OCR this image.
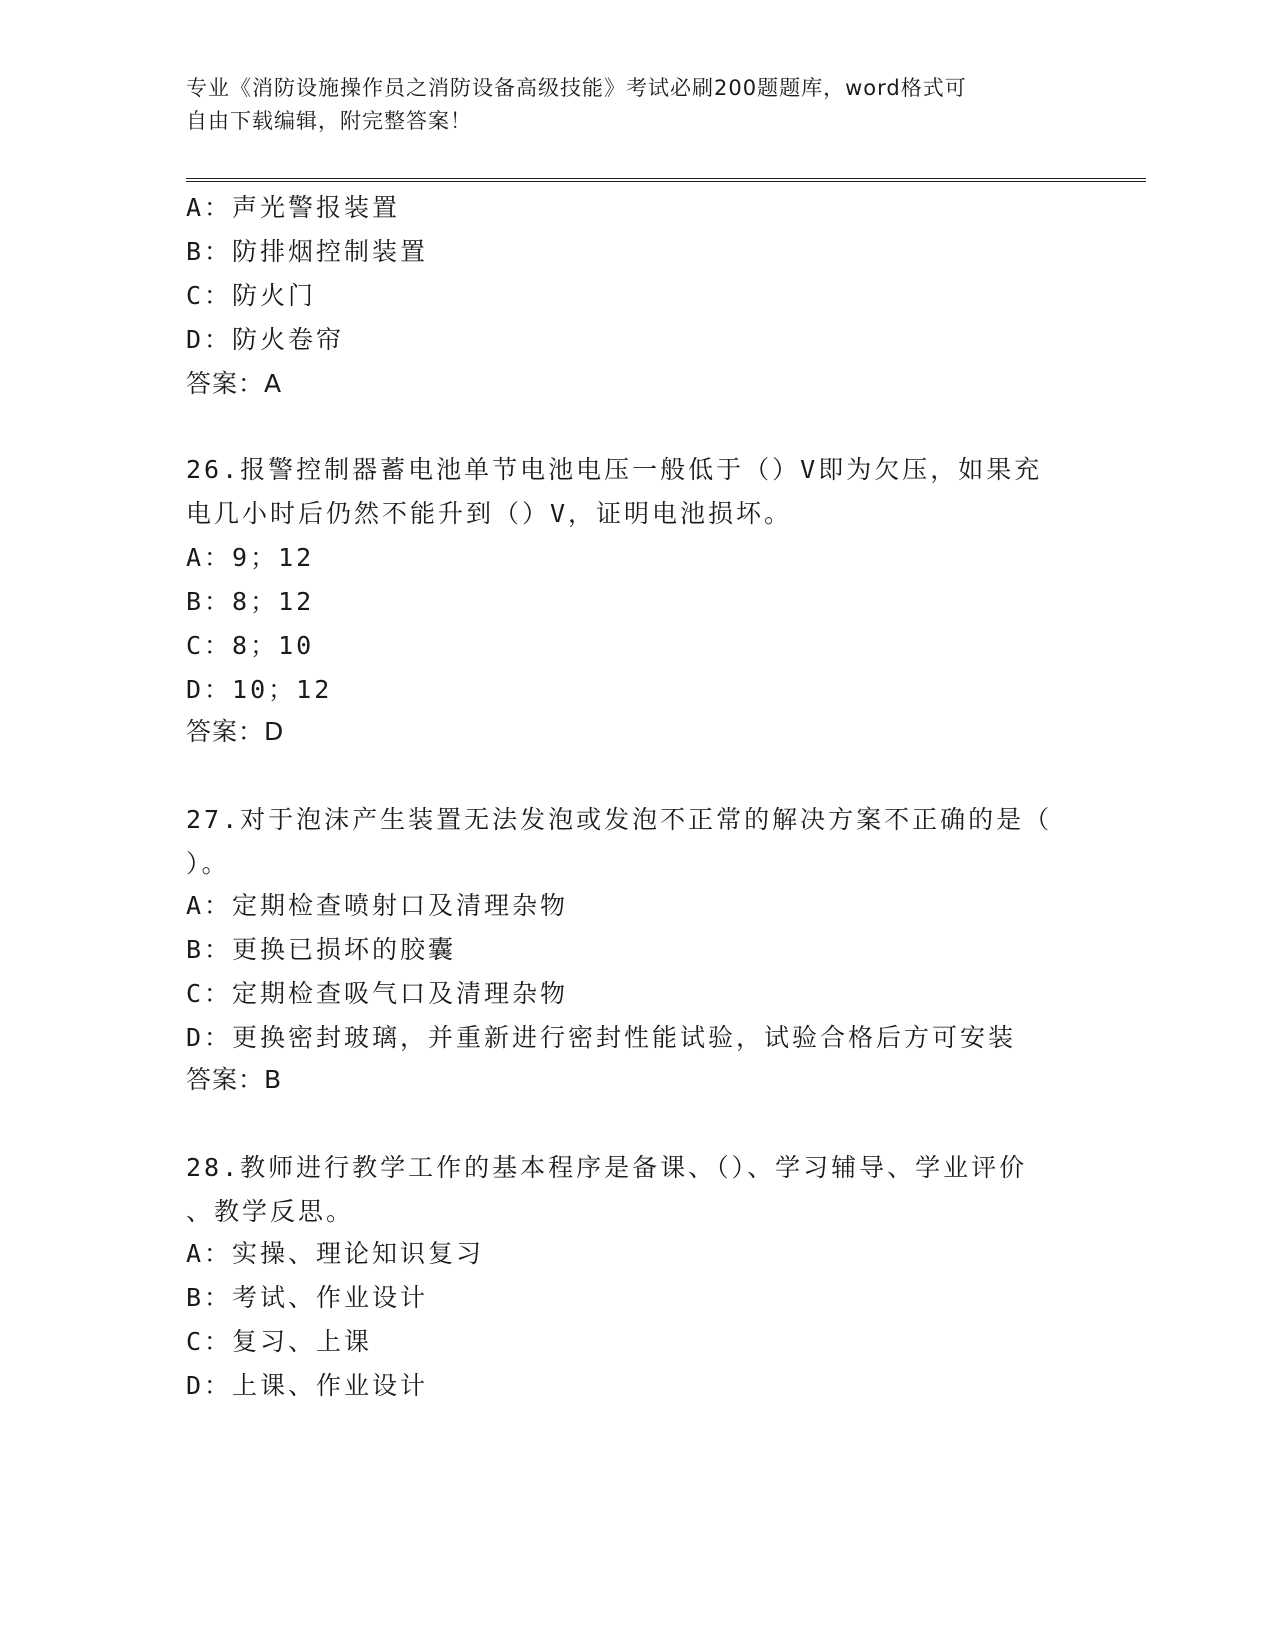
专业《消防设施操作员之消防设备高级技能》考试必刷200题题库，word格式可
自由下载编辑，附完整答案！

A：声光警报装置

B：防排烟控制装置

C：防火门

D：防火卷帘

答案：A

26.报警控制器蓄电池单节电池电压一般低于（）V即为欠压，如果充

电几小时后仍然不能升到（）V，证明电池损坏。

A：9；12

B：8；12

C：8；10

D：10；12

答案：D

27.对于泡沫产生装置无法发泡或发泡不正常的解决方案不正确的是（

）。

A：定期检查喷射口及清理杂物

B：更换已损坏的胶囊

C：定期检查吸气口及清理杂物

D：更换密封玻璃，并重新进行密封性能试验，试验合格后方可安装

答案：B

28.教师进行教学工作的基本程序是备课、（）、学习辅导、学业评价

、教学反思。

A：实操、理论知识复习

B：考试、作业设计

C：复习、上课

D：上课、作业设计
